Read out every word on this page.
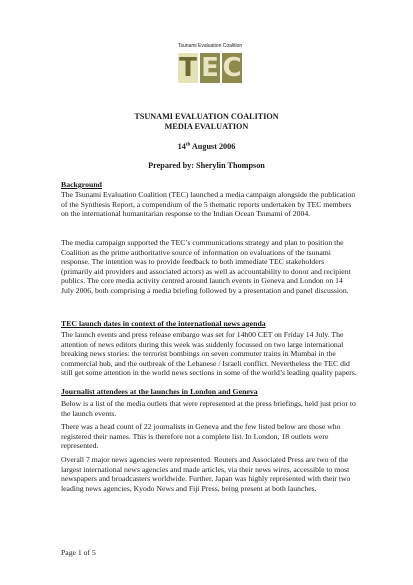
Tsunami Evaluation Coalition
T E C
TSUNAMI EVALUATION COALITION
MEDIA EVALUATION
14th August 2006
Prepared by: Sherylin Thompson
Background
The Tsunami Evaluation Coalition (TEC) launched a media campaign alongside the publication of the Synthesis Report, a compendium of the 5 thematic reports undertaken by TEC members on the international humanitarian response to the Indian Ocean Tsunami of 2004.
The media campaign supported the TEC’s communications strategy and plan to position the Coalition as the prime authoritative source of information on evaluations of the tsunami response. The intention was to provide feedback to both immediate TEC stakeholders (primarily aid providers and associated actors) as well as accountability to donor and recipient publics. The core media activity centred around launch events in Geneva and London on 14 July 2006, both comprising a media briefing followed by a presentation and panel discussion.
TEC launch dates in context of the international news agenda
The launch events and press release embargo was set for 14h00 CET on Friday 14 July. The attention of news editors during this week was suddenly focussed on two large international breaking news stories: the terrorist bombings on seven commuter trains in Mumbai in the commercial hub, and the outbreak of the Lebanese / Israeli conflict. Nevertheless the TEC did still get some attention in the world news sections in some of the world’s leading quality papers.
Journalist attendees at the launches in London and Geneva
Below is a list of the media outlets that were represented at the press briefings, held just prior to the launch events.
There was a head count of 22 journalists in Geneva and the few listed below are those who registered their names. This is therefore not a complete list. In London, 18 outlets were represented.
Overall 7 major news agencies were represented. Reuters and Associated Press are two of the largest international news agencies and made articles, via their news wires, accessible to most newspapers and broadcasters worldwide. Further, Japan was highly represented with their two leading news agencies, Kyodo News and Fiji Press, being present at both launches.
Page 1 of 5
